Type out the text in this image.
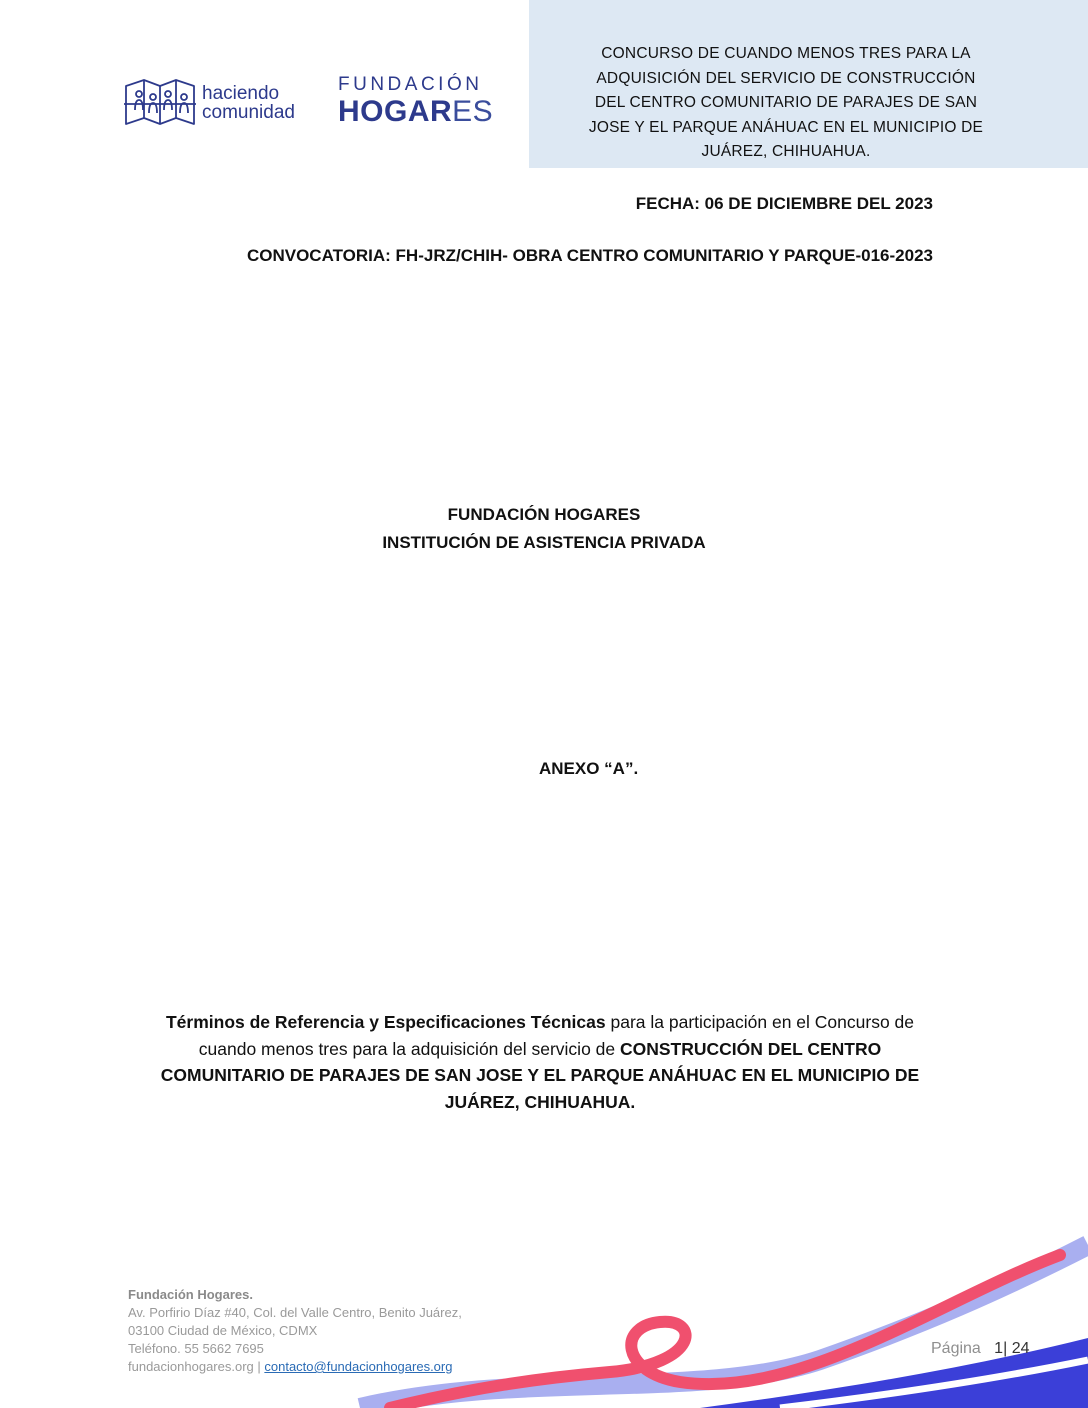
CONCURSO DE CUANDO MENOS TRES PARA LA
ADQUISICIÓN DEL SERVICIO DE CONSTRUCCIÓN
DEL CENTRO COMUNITARIO DE PARAJES DE SAN
JOSE Y EL PARQUE ANÁHUAC EN EL MUNICIPIO DE
JUÁREZ, CHIHUAHUA.
haciendo
comunidad
FUNDACIÓN
HOGARES
FECHA: 06 DE DICIEMBRE DEL 2023
CONVOCATORIA: FH-JRZ/CHIH- OBRA CENTRO COMUNITARIO Y PARQUE-016-2023
FUNDACIÓN HOGARES
INSTITUCIÓN DE ASISTENCIA PRIVADA
ANEXO “A”.
Términos de Referencia y Especificaciones Técnicas para la participación en el Concurso de cuando menos tres para la adquisición del servicio de CONSTRUCCIÓN DEL CENTRO COMUNITARIO DE PARAJES DE SAN JOSE Y EL PARQUE ANÁHUAC EN EL MUNICIPIO DE JUÁREZ, CHIHUAHUA.
Fundación Hogares.
Av. Porfirio Díaz #40, Col. del Valle Centro, Benito Juárez,
03100 Ciudad de México, CDMX
Teléfono. 55 5662 7695
fundacionhogares.org | contacto@fundacionhogares.org
Página 1| 24
